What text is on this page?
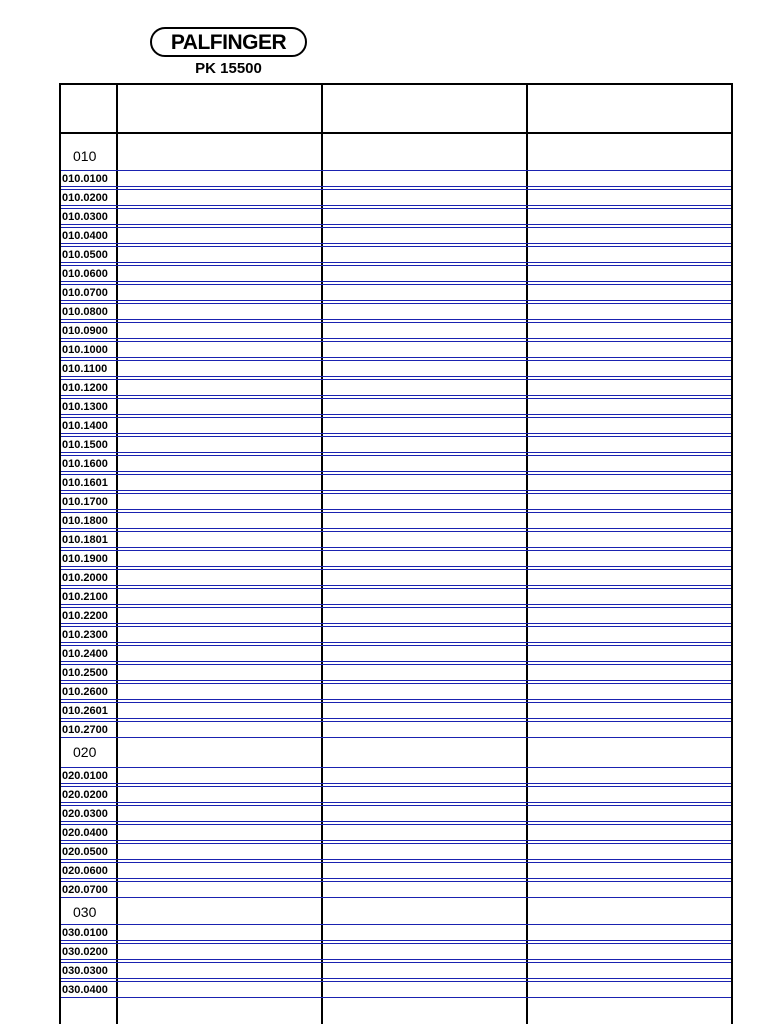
PALFINGER
PK 15500
010
010.0100
010.0200
010.0300
010.0400
010.0500
010.0600
010.0700
010.0800
010.0900
010.1000
010.1100
010.1200
010.1300
010.1400
010.1500
010.1600
010.1601
010.1700
010.1800
010.1801
010.1900
010.2000
010.2100
010.2200
010.2300
010.2400
010.2500
010.2600
010.2601
010.2700
020
020.0100
020.0200
020.0300
020.0400
020.0500
020.0600
020.0700
030
030.0100
030.0200
030.0300
030.0400
